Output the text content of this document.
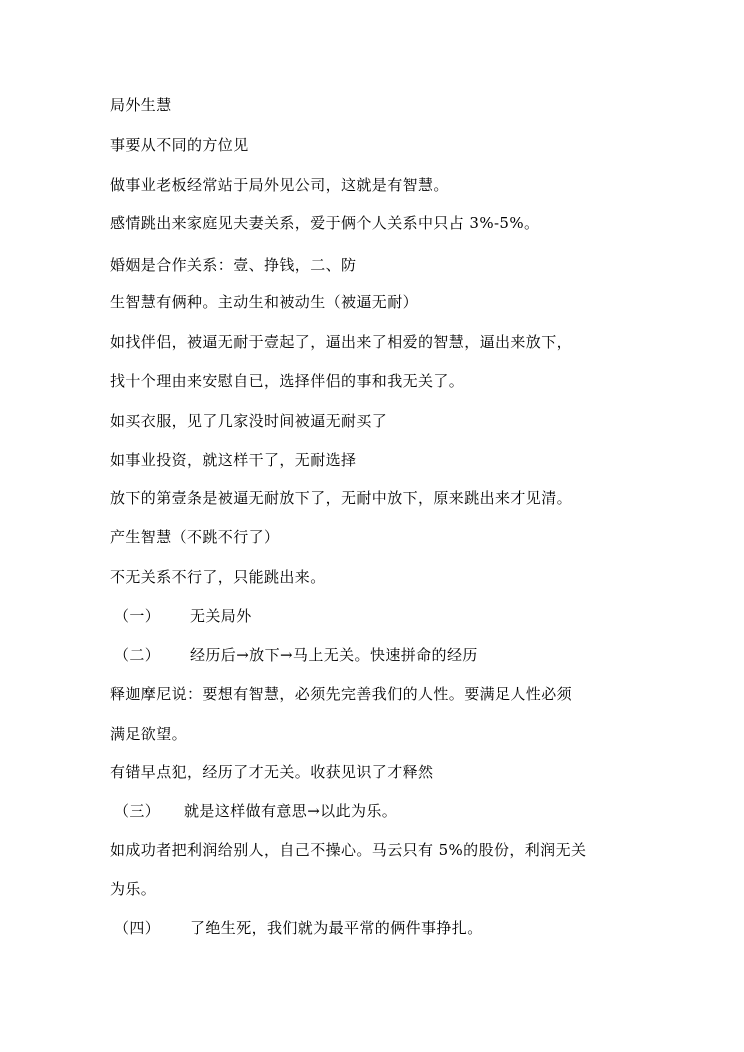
局外生慧
事要从不同的方位见
做事业老板经常站于局外见公司，这就是有智慧。
感情跳出来家庭见夫妻关系，爱于俩个人关系中只占 3%-5%。
婚姻是合作关系：壹、挣钱，二、防
生智慧有俩种。主动生和被动生（被逼无耐）
如找伴侣，被逼无耐于壹起了，逼出来了相爱的智慧，逼出来放下，
找十个理由来安慰自已，选择伴侣的事和我无关了。
如买衣服，见了几家没时间被逼无耐买了
如事业投资，就这样干了，无耐选择
放下的第壹条是被逼无耐放下了，无耐中放下，原来跳出来才见清。
产生智慧（不跳不行了）
不无关系不行了，只能跳出来。
（一） 无关局外
（二） 经历后→放下→马上无关。快速拼命的经历
释迦摩尼说：要想有智慧，必须先完善我们的人性。要满足人性必须
满足欲望。
有错早点犯，经历了才无关。收获见识了才释然
（三） 就是这样做有意思→以此为乐。
如成功者把利润给别人，自己不操心。马云只有 5%的股份，利润无关
为乐。
（四） 了绝生死，我们就为最平常的俩件事挣扎。
